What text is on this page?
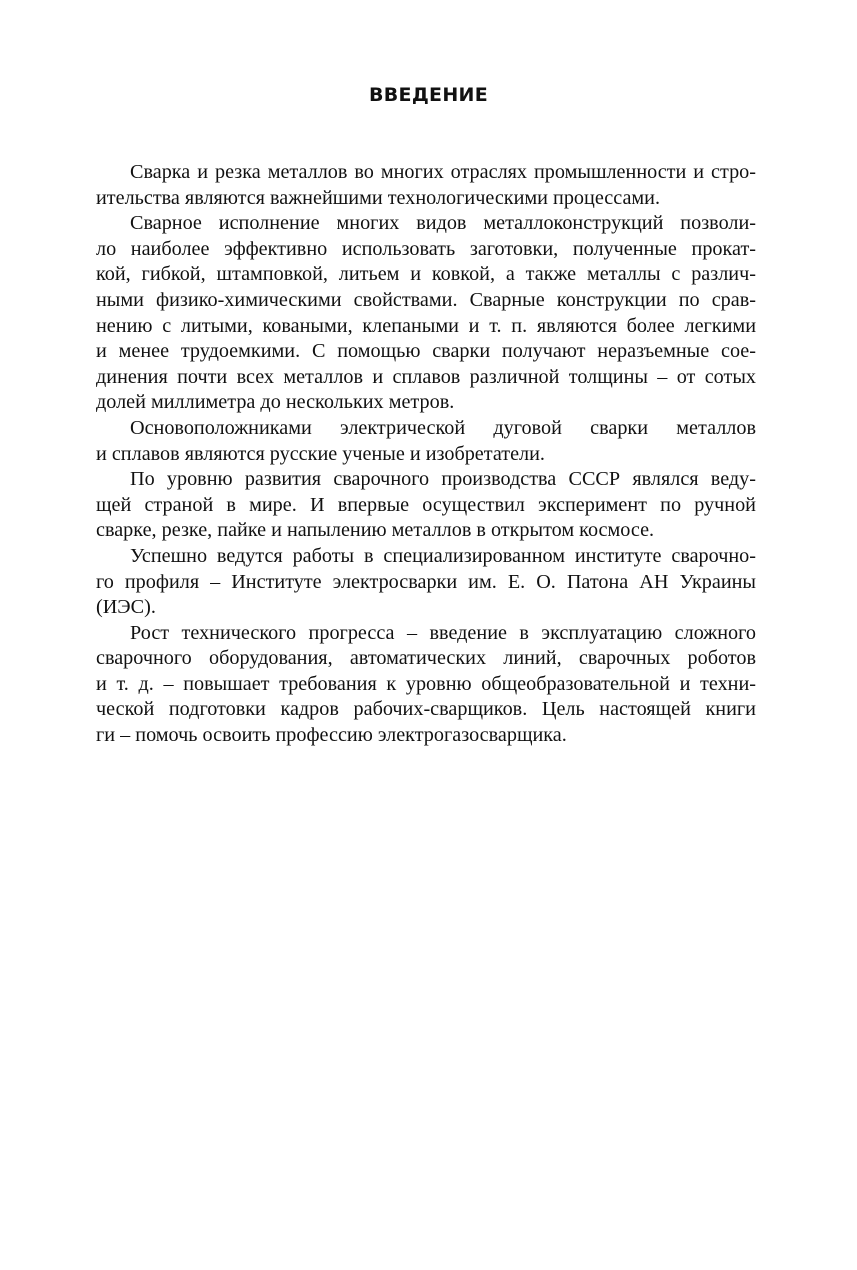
ВВЕДЕНИЕ

Сварка и резка металлов во многих отраслях промышленности и стро-
ительства являются важнейшими технологическими процессами.

Сварное исполнение многих видов металлоконструкций позволи-
ло наиболее эффективно использовать заготовки, полученные прокат-
кой, гибкой, штамповкой, литьем и ковкой, а также металлы с различ-
ными физико-химическими свойствами. Сварные конструкции по срав-
нению с литыми, коваными, клепаными и т. п. являются более легкими
и менее трудоемкими. С помощью сварки получают неразъемные сое-
динения почти всех металлов и сплавов различной толщины – от сотых
долей миллиметра до нескольких метров.

Основоположниками электрической дуговой сварки металлов
и сплавов являются русские ученые и изобретатели.

По уровню развития сварочного производства СССР являлся веду-
щей страной в мире. И впервые осуществил эксперимент по ручной
сварке, резке, пайке и напылению металлов в открытом космосе.

Успешно ведутся работы в специализированном институте сварочно-
го профиля – Институте электросварки им. Е. О. Патона АН Украины
(ИЭС).

Рост технического прогресса – введение в эксплуатацию сложного
сварочного оборудования, автоматических линий, сварочных роботов
и т. д. – повышает требования к уровню общеобразовательной и техни-
ческой подготовки кадров рабочих-сварщиков. Цель настоящей книги
ги – помочь освоить профессию электрогазосварщика.
